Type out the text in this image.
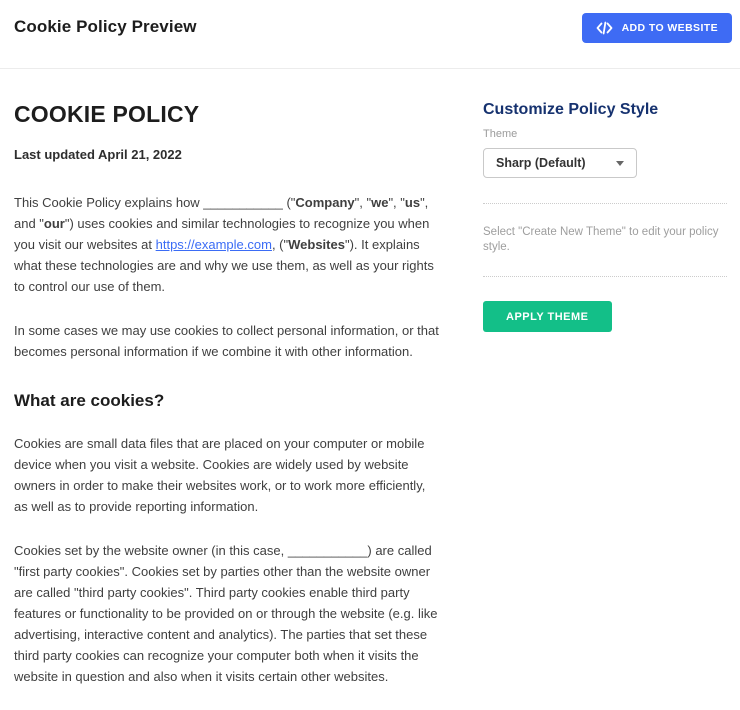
Cookie Policy Preview	ADD TO WEBSITE
COOKIE POLICY
Last updated April 21, 2022

This Cookie Policy explains how ___________ ("Company", "we", "us", and "our") uses cookies and similar technologies to recognize you when you visit our websites at https://example.com, ("Websites"). It explains what these technologies are and why we use them, as well as your rights to control our use of them.

In some cases we may use cookies to collect personal information, or that becomes personal information if we combine it with other information.

What are cookies?

Cookies are small data files that are placed on your computer or mobile device when you visit a website. Cookies are widely used by website owners in order to make their websites work, or to work more efficiently, as well as to provide reporting information.

Cookies set by the website owner (in this case, ___________) are called "first party cookies". Cookies set by parties other than the website owner are called "third party cookies". Third party cookies enable third party features or functionality to be provided on or through the website (e.g. like advertising, interactive content and analytics). The parties that set these third party cookies can recognize your computer both when it visits the website in question and also when it visits certain other websites.

Customize Policy Style
Theme
Sharp (Default)
Select "Create New Theme" to edit your policy style.
APPLY THEME
